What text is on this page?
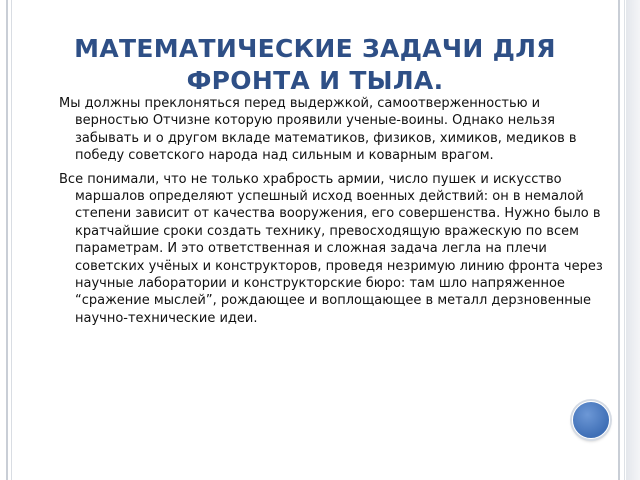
МАТЕМАТИЧЕСКИЕ ЗАДАЧИ ДЛЯ ФРОНТА И ТЫЛА.

Мы должны преклоняться перед выдержкой, самоотверженностью и верностью Отчизне которую проявили ученые-воины. Однако нельзя забывать и о другом вкладе математиков, физиков, химиков, медиков в победу советского народа над сильным и коварным врагом.

Все понимали, что не только храбрость армии, число пушек и искусство маршалов определяют успешный исход военных действий: он в немалой степени зависит от качества вооружения, его совершенства. Нужно было в кратчайшие сроки создать технику, превосходящую вражескую по всем параметрам. И это ответственная и сложная задача легла на плечи советских учёных и конструкторов, проведя незримую линию фронта через научные лаборатории и конструкторские бюро: там шло напряженное “сражение мыслей”, рождающее и воплощающее в металл дерзновенные научно-технические идеи.
